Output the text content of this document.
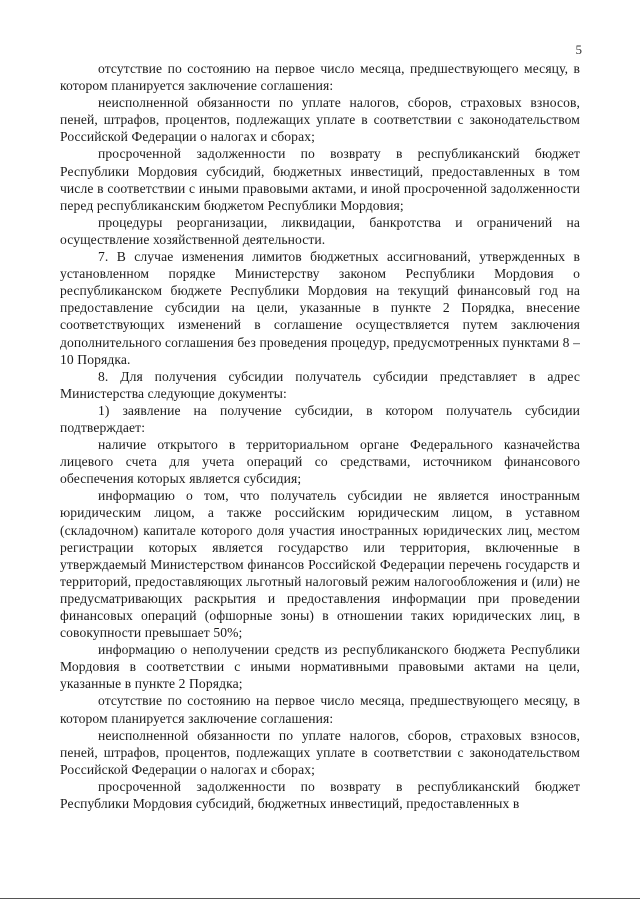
5

отсутствие по состоянию на первое число месяца, предшествующего месяцу, в котором планируется заключение соглашения:

неисполненной обязанности по уплате налогов, сборов, страховых взносов, пеней, штрафов, процентов, подлежащих уплате в соответствии с законодательством Российской Федерации о налогах и сборах;

просроченной задолженности по возврату в республиканский бюджет Республики Мордовия субсидий, бюджетных инвестиций, предоставленных в том числе в соответствии с иными правовыми актами, и иной просроченной задолженности перед республиканским бюджетом Республики Мордовия;

процедуры реорганизации, ликвидации, банкротства и ограничений на осуществление хозяйственной деятельности.

7. В случае изменения лимитов бюджетных ассигнований, утвержденных в установленном порядке Министерству законом Республики Мордовия о республиканском бюджете Республики Мордовия на текущий финансовый год на предоставление субсидии на цели, указанные в пункте 2 Порядка, внесение соответствующих изменений в соглашение осуществляется путем заключения дополнительного соглашения без проведения процедур, предусмотренных пунктами 8 – 10 Порядка.

8. Для получения субсидии получатель субсидии представляет в адрес Министерства следующие документы:

1) заявление на получение субсидии, в котором получатель субсидии подтверждает:

наличие открытого в территориальном органе Федерального казначейства лицевого счета для учета операций со средствами, источником финансового обеспечения которых является субсидия;

информацию о том, что получатель субсидии не является иностранным юридическим лицом, а также российским юридическим лицом, в уставном (складочном) капитале которого доля участия иностранных юридических лиц, местом регистрации которых является государство или территория, включенные в утверждаемый Министерством финансов Российской Федерации перечень государств и территорий, предоставляющих льготный налоговый режим налогообложения и (или) не предусматривающих раскрытия и предоставления информации при проведении финансовых операций (офшорные зоны) в отношении таких юридических лиц, в совокупности превышает 50%;

информацию о неполучении средств из республиканского бюджета Республики Мордовия в соответствии с иными нормативными правовыми актами на цели, указанные в пункте 2 Порядка;

отсутствие по состоянию на первое число месяца, предшествующего месяцу, в котором планируется заключение соглашения:

неисполненной обязанности по уплате налогов, сборов, страховых взносов, пеней, штрафов, процентов, подлежащих уплате в соответствии с законодательством Российской Федерации о налогах и сборах;

просроченной задолженности по возврату в республиканский бюджет Республики Мордовия субсидий, бюджетных инвестиций, предоставленных в
